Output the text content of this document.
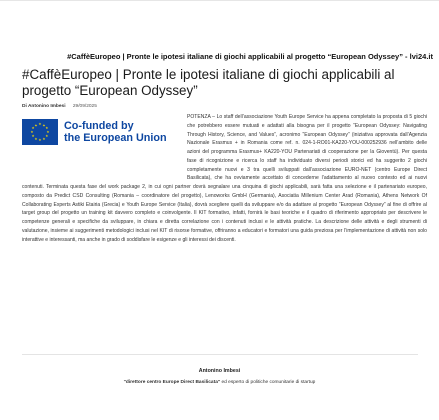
#CaffèEuropeo | Pronte le ipotesi italiane di giochi applicabili al progetto “European Odyssey” - lvi24.it
#CaffèEuropeo | Pronte le ipotesi italiane di giochi applicabili al progetto “European Odyssey”
Di Antonino Imbesi 29/09/2025
★ ★
★
★
★
★
★
★
★
★
★
★ Co-funded by
the European Union
POTENZA – Lo staff dell’associazione Youth Europe Service ha appena completato la proposta di 5 giochi che potrebbero essere mutuati e adattati alla bisogna per il progetto “European Odyssey: Navigating Through History, Science, and Values”, acronimo “European Odyssey” (iniziativa approvata dall’Agenzia Nazionale Erasmus + in Romania come ref. n. 024-1-RO01-KA220-YOU-000252936 nell’ambito delle azioni del programma Erasmus+ KA220-YOU Partenariati di cooperazione per la Gioventù). Per questa fase di ricognizione e ricerca lo staff ha individuato diversi periodi storici ed ha suggerito 2 giochi completamente nuovi e 3 tra quelli sviluppati dall’associazione EURO-NET (centro Europe Direct Basilicata), che ha ovviamente accettato di concederne l’adattamento al nuovo contesto ed ai nuovi contenuti. Terminata questa fase del work package 2, in cui ogni partner dovrà segnalare una cinquina di giochi applicabili, sarà fatta una selezione e il partenariato europeo, composto da Predict CSD Consulting (Romania – coordinatore del progetto), Lenoworks GmbH (Germania), Asociatia Millenium Center Arad (Romania), Athens Network Of Collaborating Experts Astiki Etairia (Grecia) e Youth Europe Service (Italia), dovrà scegliere quelli da sviluppare e/o da adattare al progetto “European Odyssey” al fine di offrire al target group del progetto un training kit davvero completo e coinvolgente. Il KIT formativo, infatti, fornirà le basi teoriche e il quadro di riferimento appropriato per descrivere le competenze generali e specifiche da sviluppare, in chiara e diretta correlazione con i contenuti inclusi e le attività pratiche. La descrizione delle attività e degli strumenti di valutazione, insieme ai suggerimenti metodologici inclusi nel KIT di risorse formative, offriranno a educatori e formatori una guida preziosa per l’implementazione di attività non solo interattive e interessanti, ma anche in grado di soddisfare le esigenze e gli interessi dei discenti.
Antonino Imbesi
"direttore centro Europe Direct Basilicata" ed esperto di politiche comunitarie di startup
